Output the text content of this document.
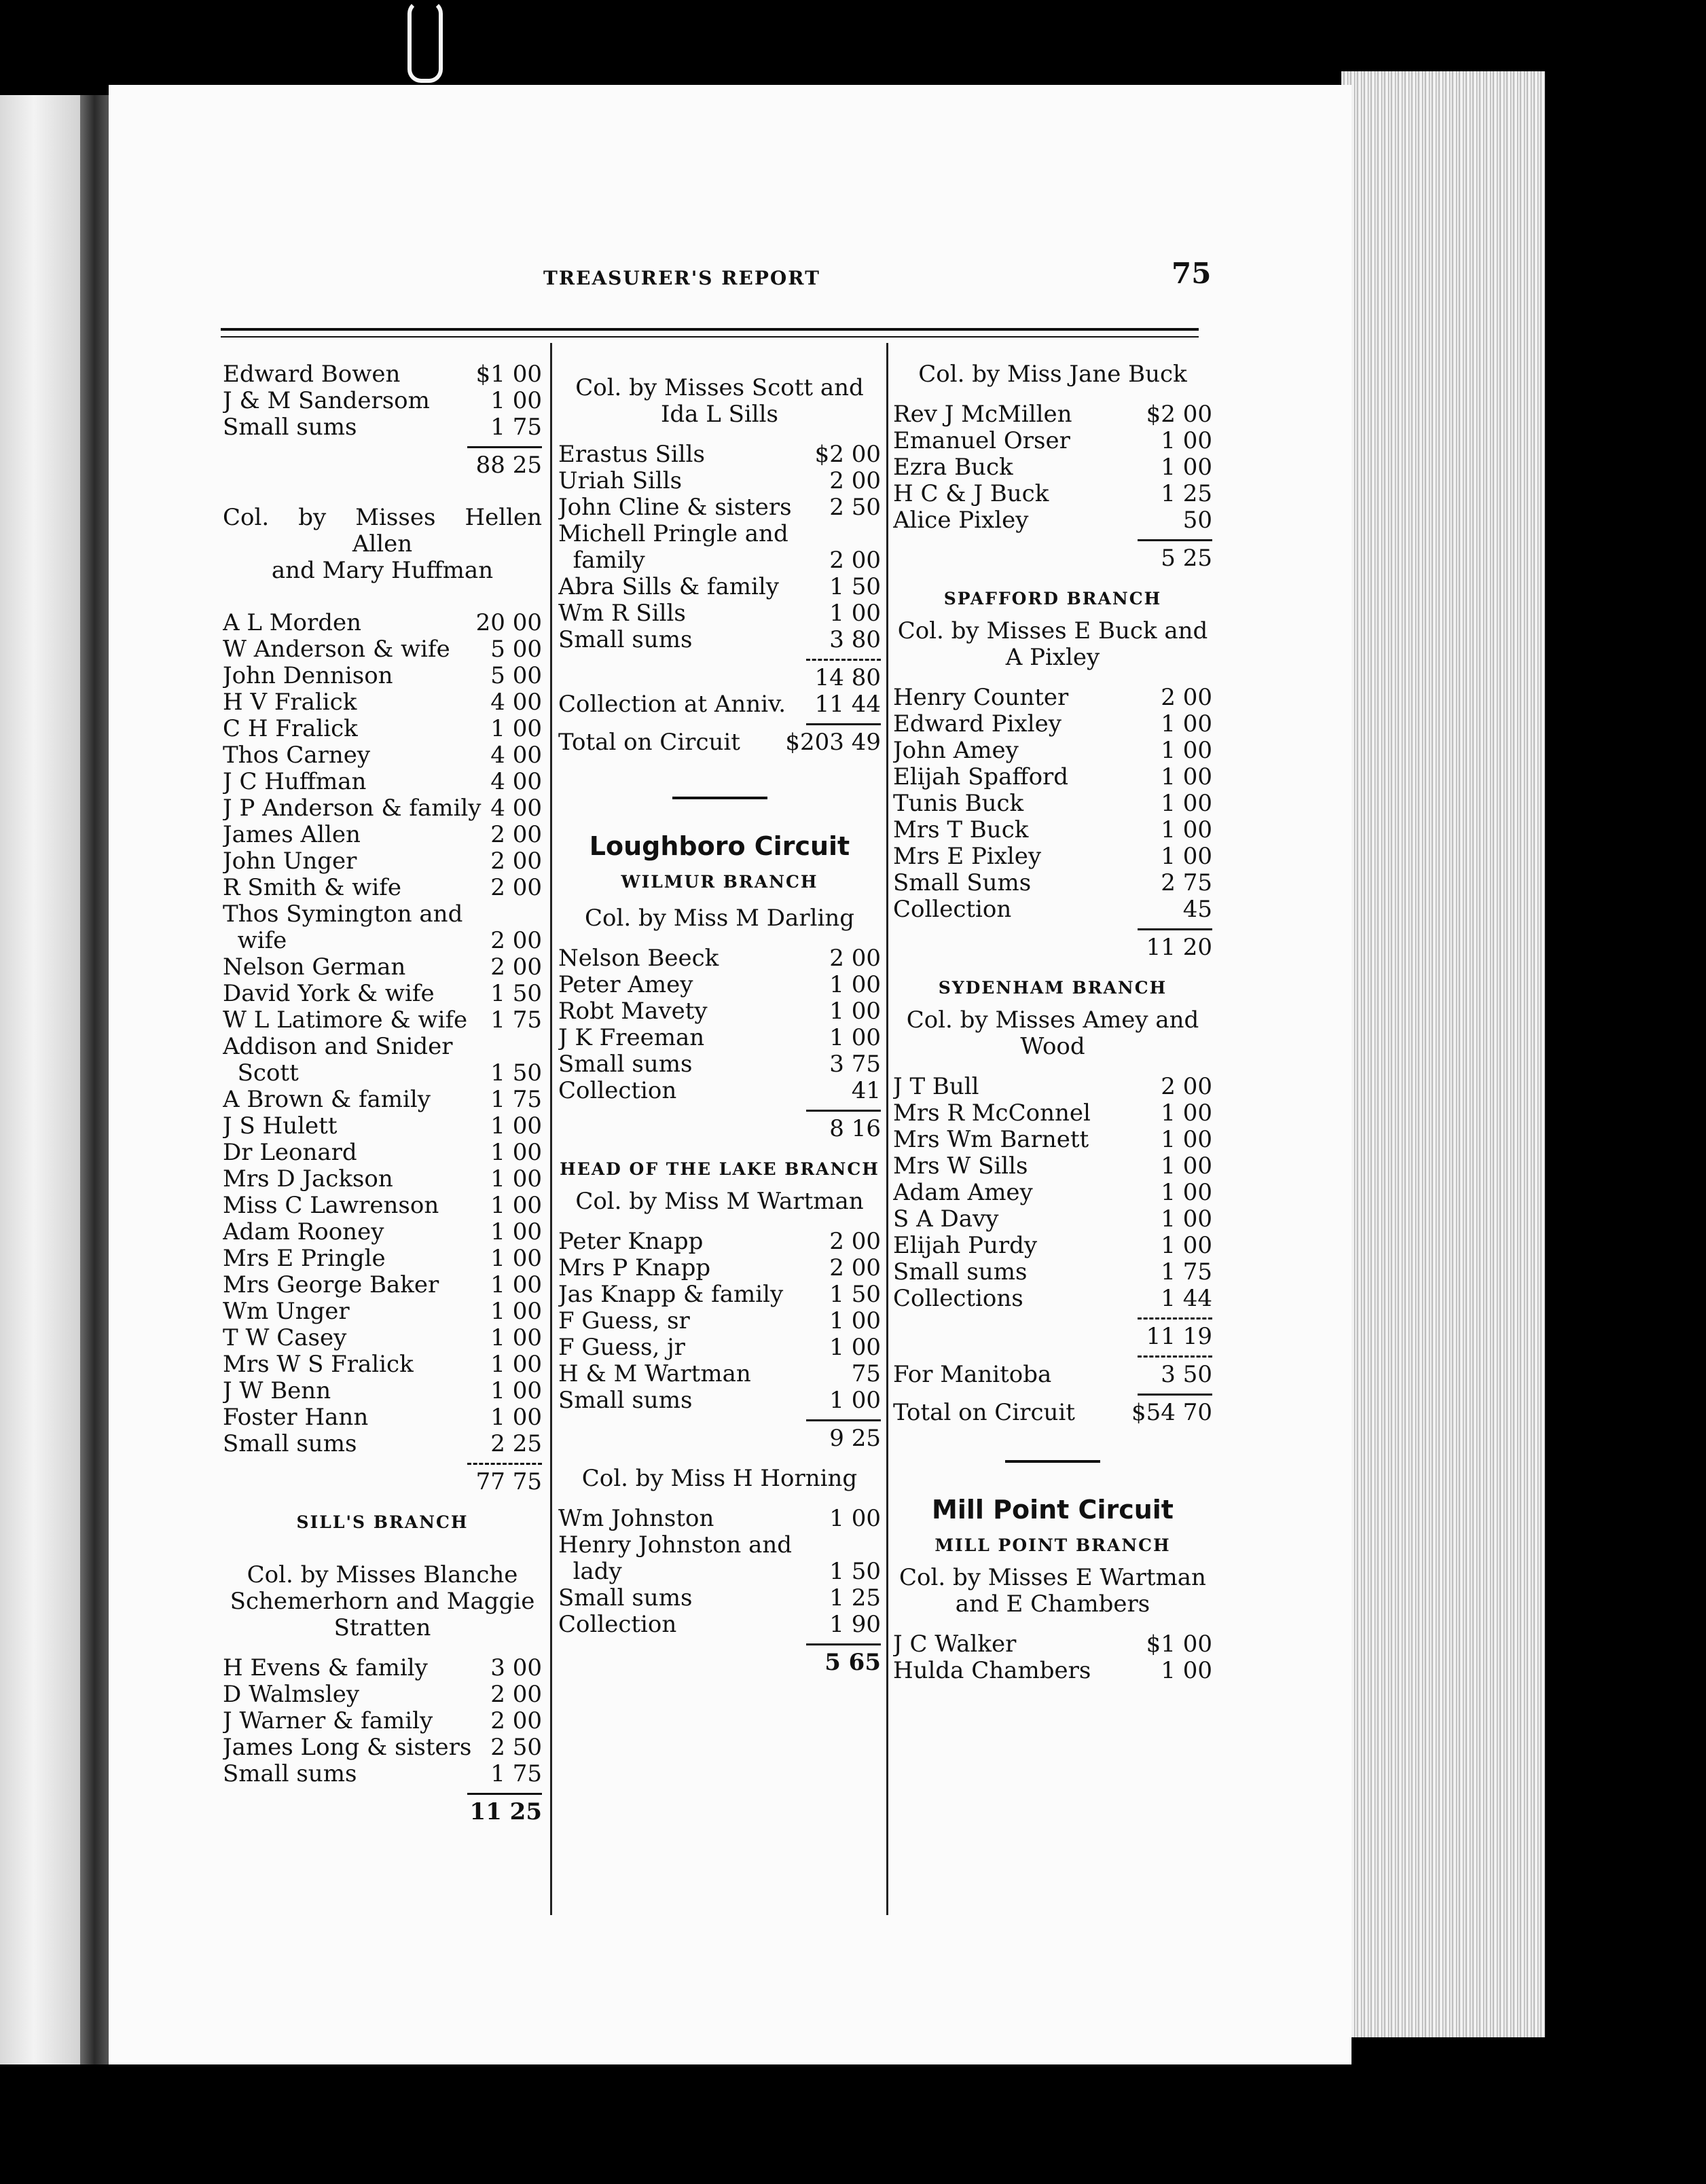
TREASURER'S REPORT	75
Edward Bowen	$1 00
J & M Sandersom	1 00
Small sums	1 75
88 25
Col. by Misses Hellen Allen
and Mary Huffman
A L Morden	20 00
W Anderson & wife	5 00
John Dennison	5 00
H V Fralick	4 00
C H Fralick	1 00
Thos Carney	4 00
J C Huffman	4 00
J P Anderson & family 4 00
James Allen	2 00
John Unger	2 00
R Smith & wife	2 00
Thos Symington and
wife	2 00
Nelson German	2 00
David York & wife	1 50
W L Latimore & wife	1 75
Addison and Snider
Scott	1 50
A Brown & family	1 75
J S Hulett	1 00
Dr Leonard	1 00
Mrs D Jackson	1 00
Miss C Lawrenson	1 00
Adam Rooney	1 00
Mrs E Pringle	1 00
Mrs George Baker	1 00
Wm Unger	1 00
T W Casey	1 00
Mrs W S Fralick	1 00
J W Benn	1 00
Foster Hann	1 00
Small sums	2 25
77 75
SILL'S BRANCH
Col. by Misses Blanche
Schemerhorn and Maggie
Stratten
H Evens & family	3 00
D Walmsley	2 00
J Warner & family	2 00
James Long & sisters 2 50
Small sums	1 75
11 25
Col. by Misses Scott and
Ida L Sills
Erastus Sills	$2 00
Uriah Sills	2 00
John Cline & sisters	2 50
Michell Pringle and
family	2 00
Abra Sills & family	1 50
Wm R Sills	1 00
Small sums	3 80
14 80
Collection at Anniv.	11 44
Total on Circuit	$203 49
Loughboro Circuit
WILMUR BRANCH
Col. by Miss M Darling
Nelson Beeck	2 00
Peter Amey	1 00
Robt Mavety	1 00
J K Freeman	1 00
Small sums	3 75
Collection	41
8 16
HEAD OF THE LAKE BRANCH
Col. by Miss M Wartman
Peter Knapp	2 00
Mrs P Knapp	2 00
Jas Knapp & family	1 50
F Guess, sr	1 00
F Guess, jr	1 00
H & M Wartman	75
Small sums	1 00
9 25
Col. by Miss H Horning
Wm Johnston	1 00
Henry Johnston and
lady	1 50
Small sums	1 25
Collection	1 90
5 65
Col. by Miss Jane Buck
Rev J McMillen	$2 00
Emanuel Orser	1 00
Ezra Buck	1 00
H C & J Buck	1 25
Alice Pixley	50
5 25
SPAFFORD BRANCH
Col. by Misses E Buck and
A Pixley
Henry Counter	2 00
Edward Pixley	1 00
John Amey	1 00
Elijah Spafford	1 00
Tunis Buck	1 00
Mrs T Buck	1 00
Mrs E Pixley	1 00
Small Sums	2 75
Collection	45
11 20
SYDENHAM BRANCH
Col. by Misses Amey and
Wood
J T Bull	2 00
Mrs R McConnel	1 00
Mrs Wm Barnett	1 00
Mrs W Sills	1 00
Adam Amey	1 00
S A Davy	1 00
Elijah Purdy	1 00
Small sums	1 75
Collections	1 44
11 19
For Manitoba	3 50
Total on Circuit	$54 70
Mill Point Circuit
MILL POINT BRANCH
Col. by Misses E Wartman
and E Chambers
J C Walker	$1 00
Hulda Chambers	1 00
